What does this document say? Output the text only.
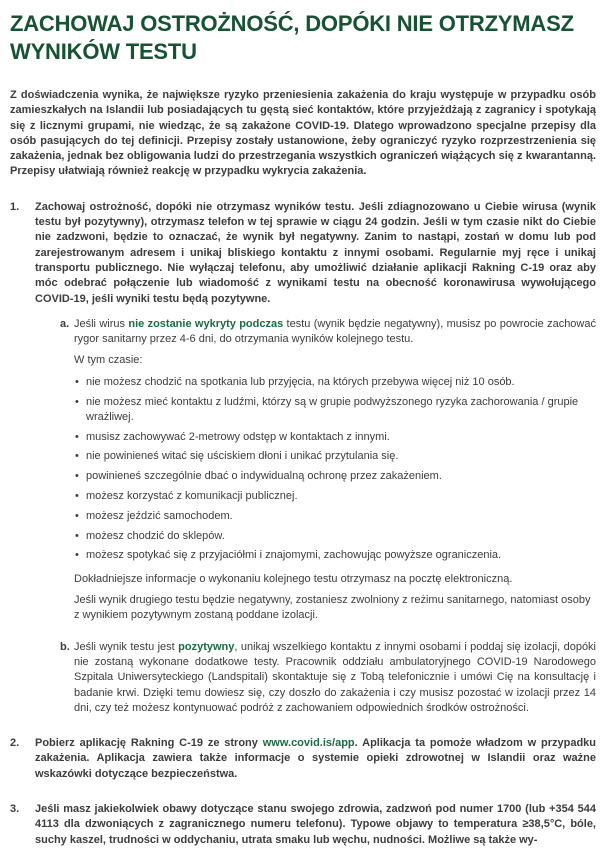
ZACHOWAJ OSTROŻNOŚĆ, DOPÓKI NIE OTRZYMASZ WYNIKÓW TESTU

Z doświadczenia wynika, że największe ryzyko przeniesienia zakażenia do kraju występuje w przypadku osób zamieszkałych na Islandii lub posiadających tu gęstą sieć kontaktów, które przyjeżdżają z zagranicy i spotykają się z licznymi grupami, nie wiedząc, że są zakażone COVID-19. Dlatego wprowadzono specjalne przepisy dla osób pasujących do tej definicji. Przepisy zostały ustanowione, żeby ograniczyć ryzyko rozprzestrzenienia się zakażenia, jednak bez obligowania ludzi do przestrzegania wszystkich ograniczeń wiążących się z kwarantanną. Przepisy ułatwiają również reakcję w przypadku wykrycia zakażenia.

1.	Zachowaj ostrożność, dopóki nie otrzymasz wyników testu. Jeśli zdiagnozowano u Ciebie wirusa (wynik testu był pozytywny), otrzymasz telefon w tej sprawie w ciągu 24 godzin. Jeśli w tym czasie nikt do Ciebie nie zadzwoni, będzie to oznaczać, że wynik był negatywny. Zanim to nastąpi, zostań w domu lub pod zarejestrowanym adresem i unikaj bliskiego kontaktu z innymi osobami. Regularnie myj ręce i unikaj transportu publicznego. Nie wyłączaj telefonu, aby umożliwić działanie aplikacji Rakning C-19 oraz aby móc odebrać połączenie lub wiadomość z wynikami testu na obecność koronawirusa wywołującego COVID-19, jeśli wyniki testu będą pozytywne.

a. Jeśli wirus nie zostanie wykryty podczas testu (wynik będzie negatywny), musisz po powrocie zachować rygor sanitarny przez 4-6 dni, do otrzymania wyników kolejnego testu.

W tym czasie:

• nie możesz chodzić na spotkania lub przyjęcia, na których przebywa więcej niż 10 osób.
• nie możesz mieć kontaktu z ludźmi, którzy są w grupie podwyższonego ryzyka zachorowania / grupie wrażliwej.
• musisz zachowywać 2-metrowy odstęp w kontaktach z innymi.
• nie powinieneś witać się uściskiem dłoni i unikać przytulania się.
• powinieneś szczególnie dbać o indywidualną ochronę przez zakażeniem.
• możesz korzystać z komunikacji publicznej.
• możesz jeździć samochodem.
• możesz chodzić do sklepów.
• możesz spotykać się z przyjaciółmi i znajomymi, zachowując powyższe ograniczenia.

Dokładniejsze informacje o wykonaniu kolejnego testu otrzymasz na pocztę elektroniczną.

Jeśli wynik drugiego testu będzie negatywny, zostaniesz zwolniony z reżimu sanitarnego, natomiast osoby z wynikiem pozytywnym zostaną poddane izolacji.

b. Jeśli wynik testu jest pozytywny, unikaj wszelkiego kontaktu z innymi osobami i poddaj się izolacji, dopóki nie zostaną wykonane dodatkowe testy. Pracownik oddziału ambulatoryjnego COVID-19 Narodowego Szpitala Uniwersyteckiego (Landspitali) skontaktuje się z Tobą telefonicznie i umówi Cię na konsultację i badanie krwi. Dzięki temu dowiesz się, czy doszło do zakażenia i czy musisz pozostać w izolacji przez 14 dni, czy też możesz kontynuować podróż z zachowaniem odpowiednich środków ostrożności.

2.	Pobierz aplikację Rakning C-19 ze strony www.covid.is/app. Aplikacja ta pomoże władzom w przypadku zakażenia. Aplikacja zawiera także informacje o systemie opieki zdrowotnej w Islandii oraz ważne wskazówki dotyczące bezpieczeństwa.

3.	Jeśli masz jakiekolwiek obawy dotyczące stanu swojego zdrowia, zadzwoń pod numer 1700 (lub +354 544 4113 dla dzwoniących z zagranicznego numeru telefonu). Typowe objawy to temperatura ≥38,5°C, bóle, suchy kaszel, trudności w oddychaniu, utrata smaku lub węchu, nudności. Możliwe są także wy-
